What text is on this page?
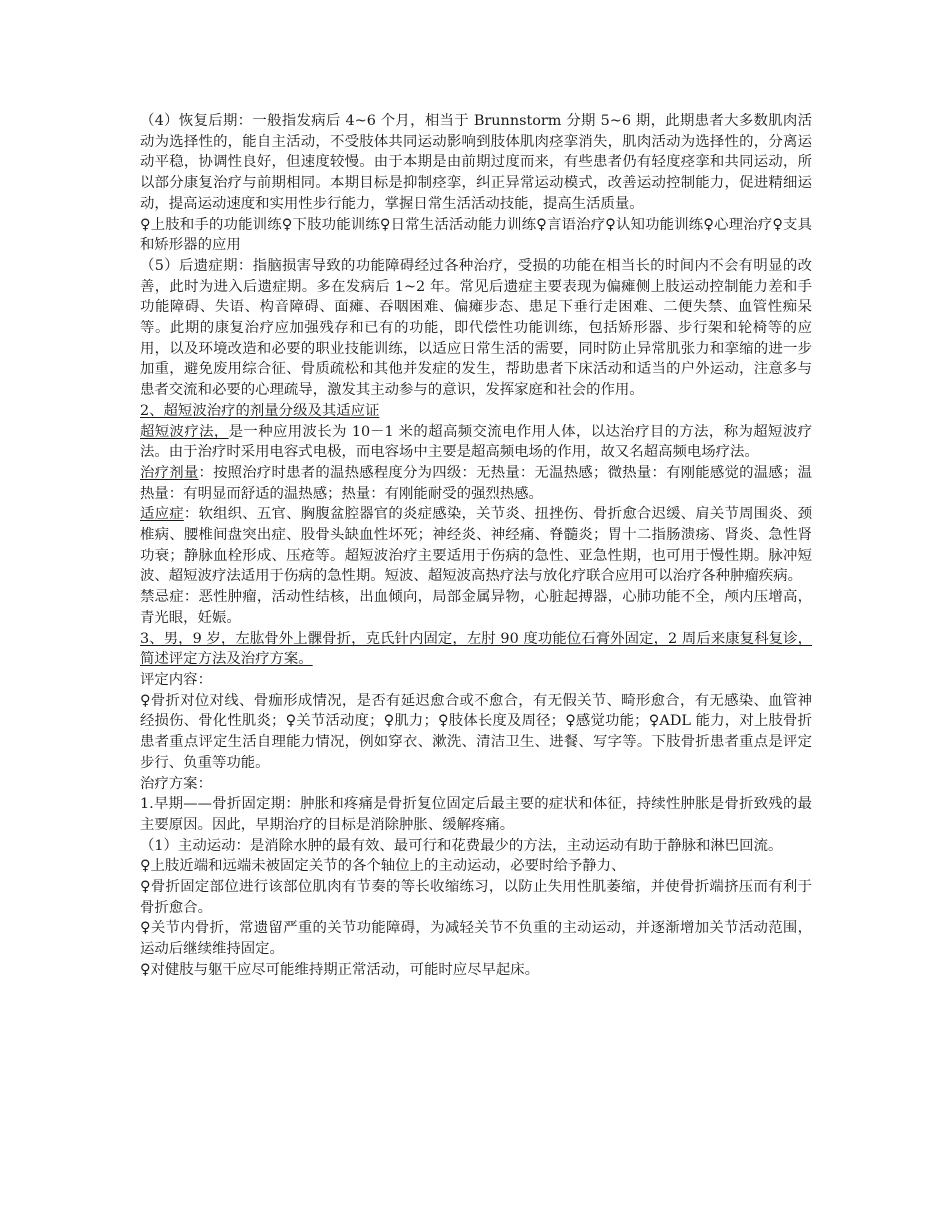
（4）恢复后期：一般指发病后 4~6 个月，相当于 Brunnstorm 分期 5~6 期，此期患者大多数肌肉活动为选择性的，能自主活动，不受肢体共同运动影响到肢体肌肉痉挛消失，肌肉活动为选择性的，分离运动平稳，协调性良好，但速度较慢。由于本期是由前期过度而来，有些患者仍有轻度痉挛和共同运动，所以部分康复治疗与前期相同。本期目标是抑制痉挛，纠正异常运动模式，改善运动控制能力，促进精细运动，提高运动速度和实用性步行能力，掌握日常生活活动技能，提高生活质量。

♀上肢和手的功能训练♀下肢功能训练♀日常生活活动能力训练♀言语治疗♀认知功能训练♀心理治疗♀支具和矫形器的应用

（5）后遗症期：指脑损害导致的功能障碍经过各种治疗，受损的功能在相当长的时间内不会有明显的改善，此时为进入后遗症期。多在发病后 1~2 年。常见后遗症主要表现为偏瘫侧上肢运动控制能力差和手功能障碍、失语、构音障碍、面瘫、吞咽困难、偏瘫步态、患足下垂行走困难、二便失禁、血管性痴呆等。此期的康复治疗应加强残存和已有的功能，即代偿性功能训练，包括矫形器、步行架和轮椅等的应用，以及环境改造和必要的职业技能训练，以适应日常生活的需要，同时防止异常肌张力和挛缩的进一步加重，避免废用综合征、骨质疏松和其他并发症的发生，帮助患者下床活动和适当的户外运动，注意多与患者交流和必要的心理疏导，激发其主动参与的意识，发挥家庭和社会的作用。

2、超短波治疗的剂量分级及其适应证

超短波疗法，是一种应用波长为 10－1 米的超高频交流电作用人体，以达治疗目的方法，称为超短波疗法。由于治疗时采用电容式电极，而电容场中主要是超高频电场的作用，故又名超高频电场疗法。

治疗剂量：按照治疗时患者的温热感程度分为四级：无热量：无温热感；微热量：有刚能感觉的温感；温热量：有明显而舒适的温热感；热量：有刚能耐受的强烈热感。

适应症：软组织、五官、胸腹盆腔器官的炎症感染，关节炎、扭挫伤、骨折愈合迟缓、肩关节周围炎、颈椎病、腰椎间盘突出症、股骨头缺血性坏死；神经炎、神经痛、脊髓炎；胃十二指肠溃疡、肾炎、急性肾功衰；静脉血栓形成、压疮等。超短波治疗主要适用于伤病的急性、亚急性期，也可用于慢性期。脉冲短波、超短波疗法适用于伤病的急性期。短波、超短波高热疗法与放化疗联合应用可以治疗各种肿瘤疾病。

禁忌症：恶性肿瘤，活动性结核，出血倾向，局部金属异物，心脏起搏器，心肺功能不全，颅内压增高，青光眼，妊娠。

3、男，9 岁，左肱骨外上髁骨折，克氏针内固定，左肘 90 度功能位石膏外固定，2 周后来康复科复诊，简述评定方法及治疗方案。

评定内容：

♀骨折对位对线、骨痂形成情况，是否有延迟愈合或不愈合，有无假关节、畸形愈合，有无感染、血管神经损伤、骨化性肌炎；♀关节活动度；♀肌力；♀肢体长度及周径；♀感觉功能；♀ADL 能力，对上肢骨折患者重点评定生活自理能力情况，例如穿衣、漱洗、清洁卫生、进餐、写字等。下肢骨折患者重点是评定步行、负重等功能。

治疗方案：

1.早期——骨折固定期：肿胀和疼痛是骨折复位固定后最主要的症状和体征，持续性肿胀是骨折致残的最主要原因。因此，早期治疗的目标是消除肿胀、缓解疼痛。

（1）主动运动：是消除水肿的最有效、最可行和花费最少的方法，主动运动有助于静脉和淋巴回流。

♀上肢近端和远端未被固定关节的各个轴位上的主动运动，必要时给予静力、

♀骨折固定部位进行该部位肌肉有节奏的等长收缩练习，以防止失用性肌萎缩，并使骨折端挤压而有利于骨折愈合。

♀关节内骨折，常遗留严重的关节功能障碍，为减轻关节不负重的主动运动，并逐渐增加关节活动范围，运动后继续维持固定。

♀对健肢与躯干应尽可能维持期正常活动，可能时应尽早起床。
